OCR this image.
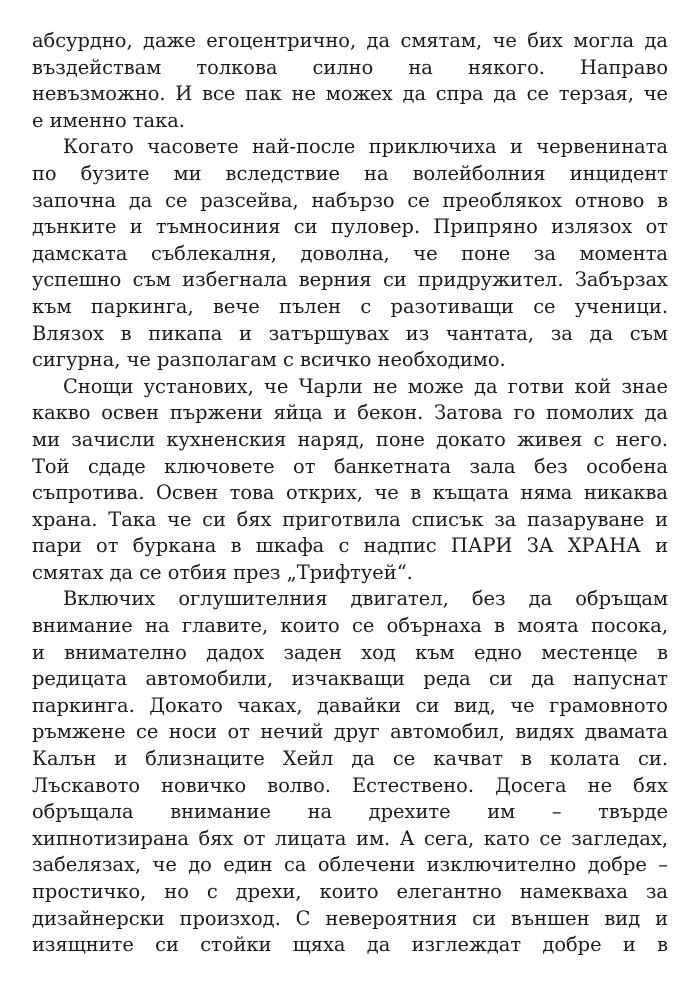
абсурдно, даже егоцентрично, да смятам, че бих могла да
въздействам толкова силно на някого. Направо
невъзможно. И все пак не можех да спра да се терзая, че
е именно така.

Когато часовете най-после приключиха и червенината
по бузите ми вследствие на волейболния инцидент
започна да се разсейва, набързо се преоблякох отново в
дънките и тъмносиния си пуловер. Припряно излязох от
дамската съблекалня, доволна, че поне за момента
успешно съм избегнала верния си придружител. Забързах
към паркинга, вече пълен с разотиващи се ученици.
Влязох в пикапа и затършувах из чантата, за да съм
сигурна, че разполагам с всичко необходимо.

Снощи установих, че Чарли не може да готви кой знае
какво освен пържени яйца и бекон. Затова го помолих да
ми зачисли кухненския наряд, поне докато живея с него.
Той сдаде ключовете от банкетната зала без особена
съпротива. Освен това открих, че в къщата няма никаква
храна. Така че си бях приготвила списък за пазаруване и
пари от буркана в шкафа с надпис ПАРИ ЗА ХРАНА и
смятах да се отбия през „Трифтуей“.

Включих оглушителния двигател, без да обръщам
внимание на главите, които се обърнаха в моята посока,
и внимателно дадох заден ход към едно местенце в
редицата автомобили, изчакващи реда си да напуснат
паркинга. Докато чаках, давайки си вид, че грамовното
ръмжене се носи от нечий друг автомобил, видях двамата
Калън и близнаците Хейл да се качват в колата си.
Лъскавото новичко волво. Естествено. Досега не бях
обръщала внимание на дрехите им – твърде
хипнотизирана бях от лицата им. А сега, като се загледах,
забелязах, че до един са облечени изключително добре –
простичко, но с дрехи, които елегантно намекваха за
дизайнерски произход. С невероятния си външен вид и
изящните си стойки щяха да изглеждат добре и в
